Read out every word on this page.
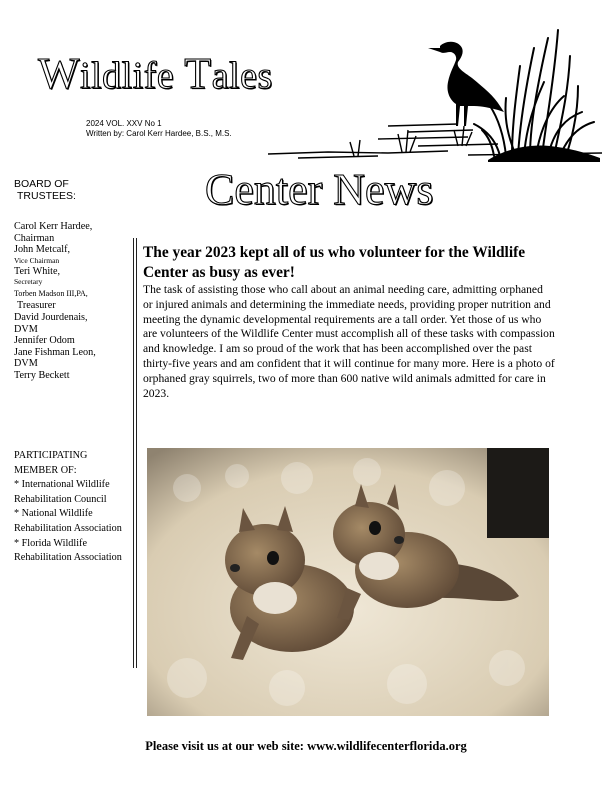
Wildlife Tales
2024 VOL. XXV No 1
Written by: Carol Kerr Hardee, B.S., M.S.
Center News

BOARD OF

TRUSTEES:

Carol Kerr Hardee,

Chairman

John Metcalf,

Vice Chairman

Teri White,

Secretary

Torben Madson III,PA,

Treasurer

David Jourdenais,

DVM

Jennifer Odom

Jane Fishman Leon,

DVM

Terry Beckett

PARTICIPATING

MEMBER OF:

* International Wildlife Rehabilitation Council

* National Wildlife Rehabilitation Association

* Florida Wildlife Rehabilitation Association

The year 2023 kept all of us who volunteer for the Wildlife Center as busy as ever!
The task of assisting those who call about an animal needing care, admitting orphaned or injured animals and determining the immediate needs, providing proper nutrition and meeting the dynamic developmental requirements are a tall order. Yet those of us who are volunteers of the Wildlife Center must accomplish all of these tasks with compassion and knowledge. I am so proud of the work that has been accomplished over the past thirty-five years and am confident that it will continue for many more. Here is a photo of orphaned gray squirrels, two of more than 600 native wild animals admitted for care in 2023.
Please visit us at our web site: www.wildlifecenterflorida.org
